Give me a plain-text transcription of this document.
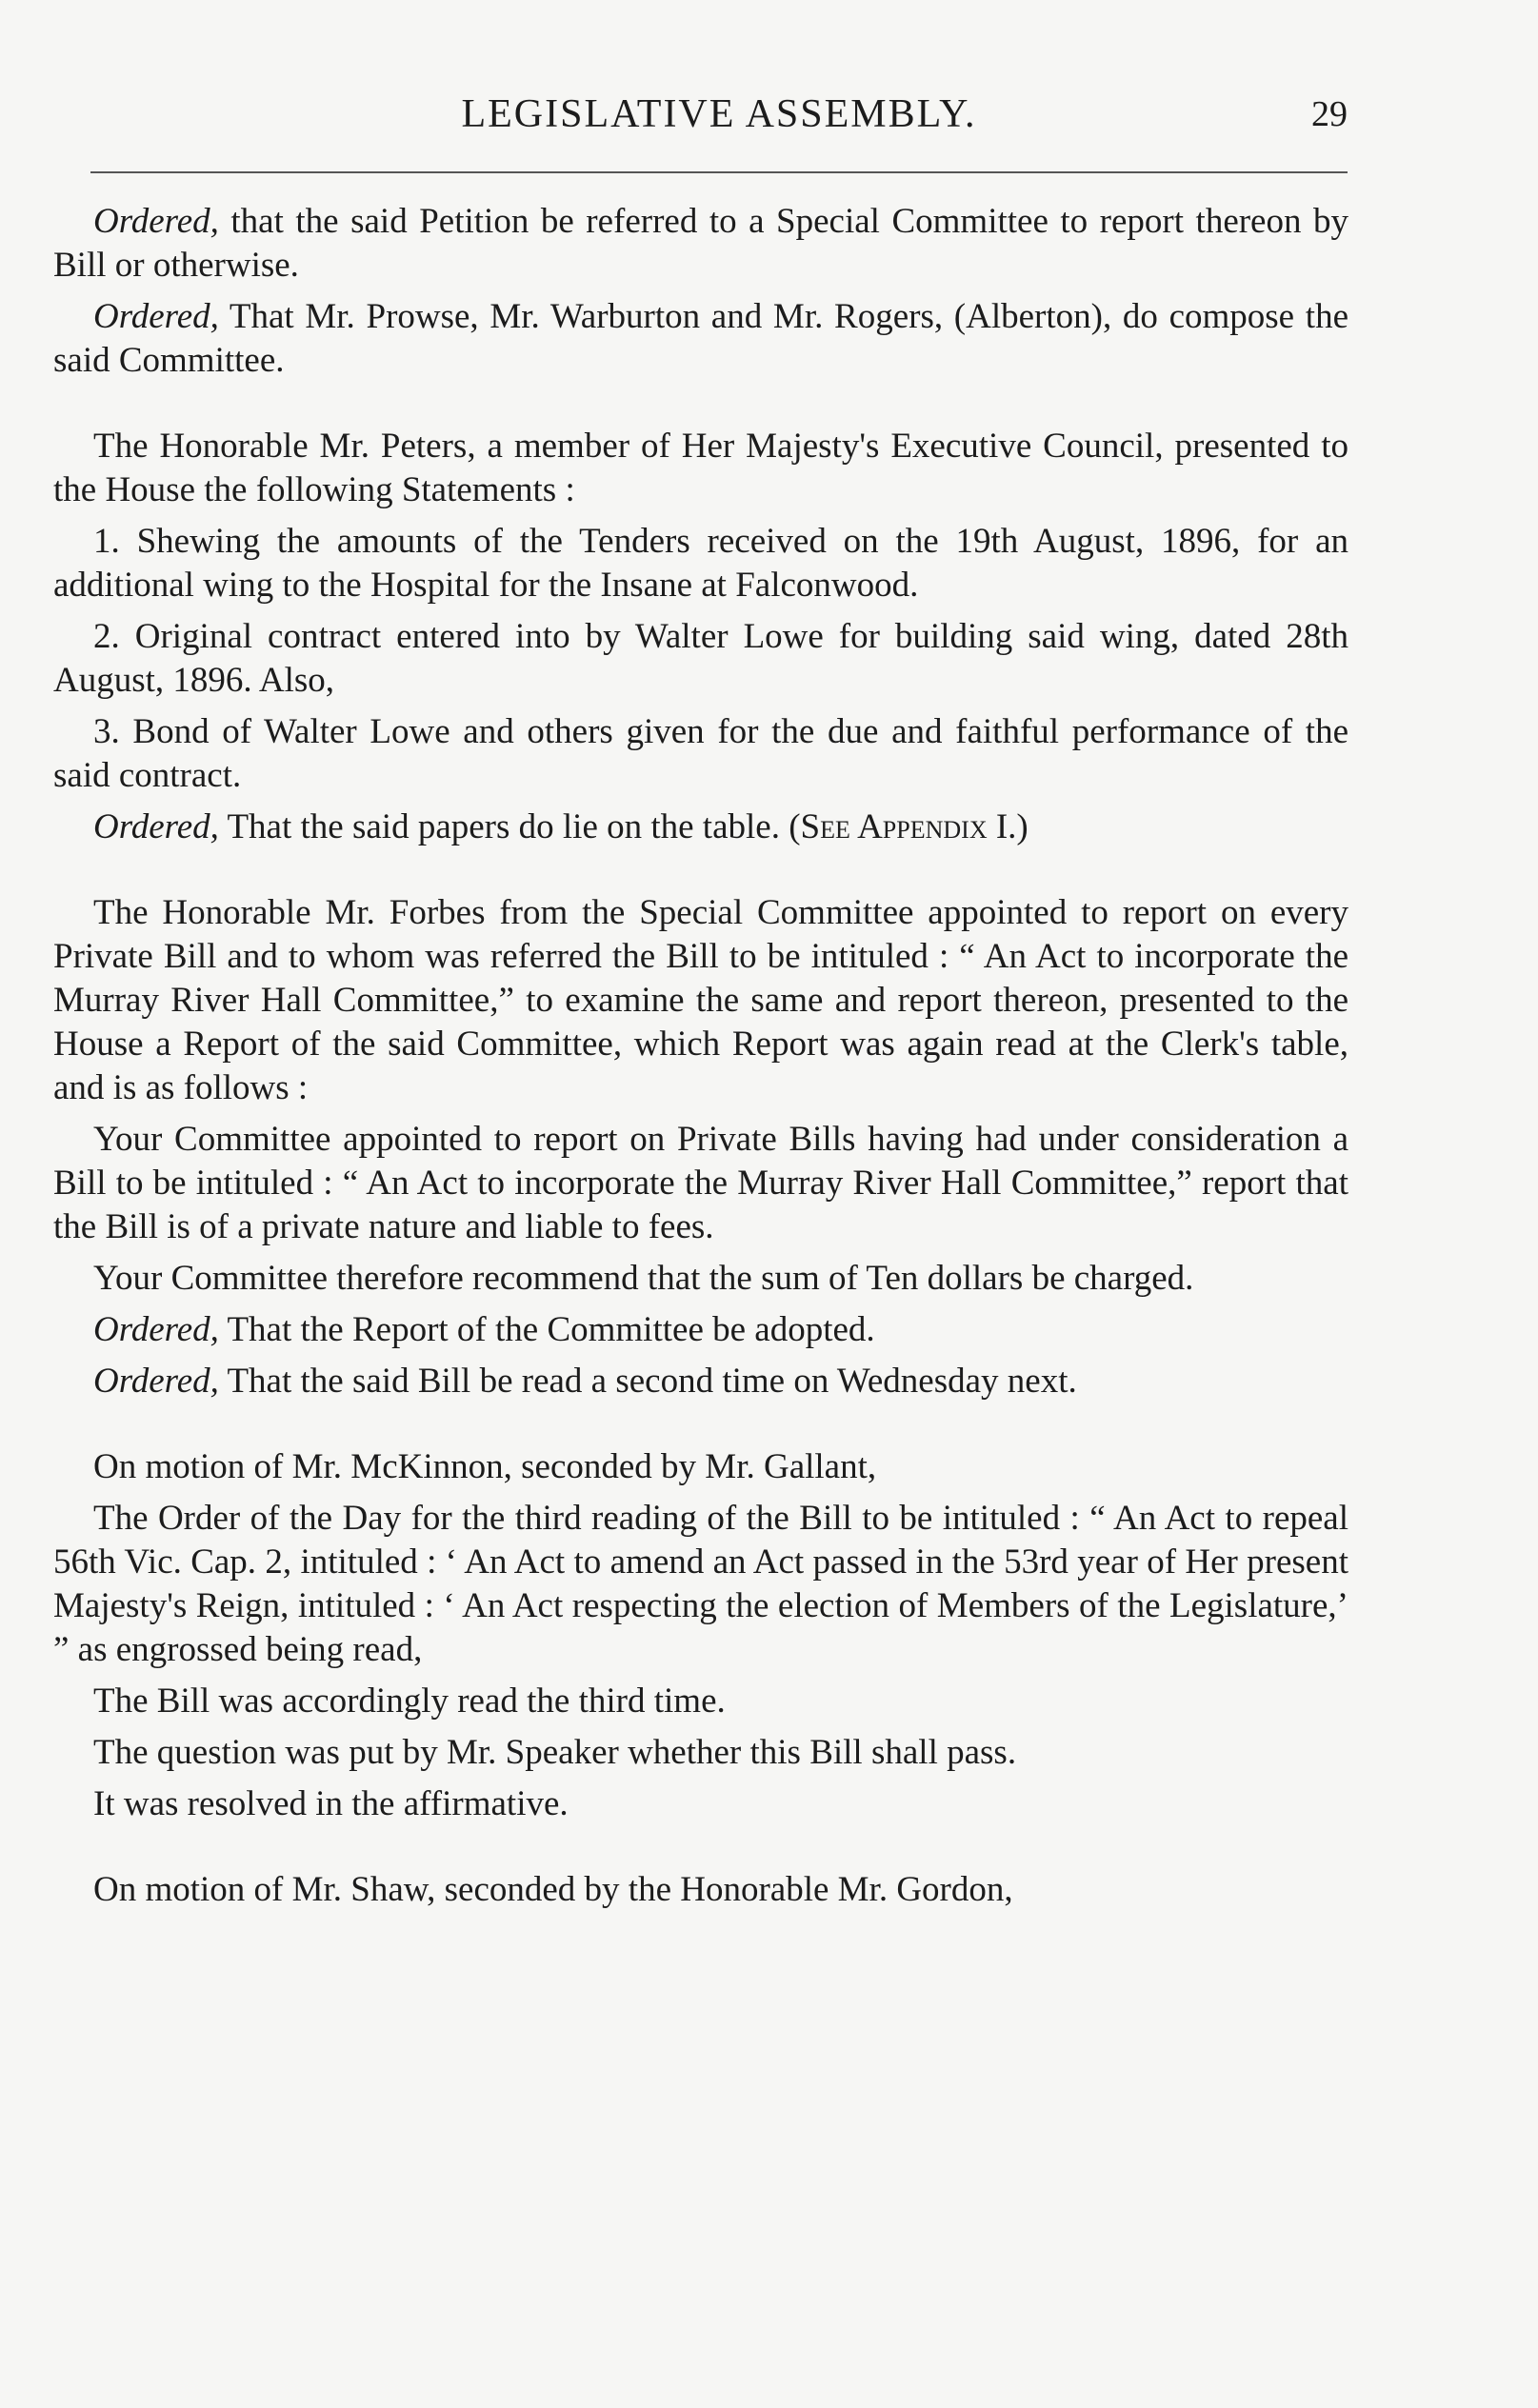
LEGISLATIVE ASSEMBLY.	29

Ordered, that the said Petition be referred to a Special Committee to report thereon by Bill or otherwise.

Ordered, That Mr. Prowse, Mr. Warburton and Mr. Rogers, (Alberton), do compose the said Committee.

The Honorable Mr. Peters, a member of Her Majesty's Executive Council, presented to the House the following Statements :

1. Shewing the amounts of the Tenders received on the 19th August, 1896, for an additional wing to the Hospital for the Insane at Falconwood.

2. Original contract entered into by Walter Lowe for building said wing, dated 28th August, 1896. Also,

3. Bond of Walter Lowe and others given for the due and faithful performance of the said contract.

Ordered, That the said papers do lie on the table. (See Appendix I.)

The Honorable Mr. Forbes from the Special Committee appointed to report on every Private Bill and to whom was referred the Bill to be intituled : “ An Act to incorporate the Murray River Hall Committee,” to examine the same and report thereon, presented to the House a Report of the said Committee, which Report was again read at the Clerk's table, and is as follows :

Your Committee appointed to report on Private Bills having had under consideration a Bill to be intituled : “ An Act to incorporate the Murray River Hall Committee,” report that the Bill is of a private nature and liable to fees.

Your Committee therefore recommend that the sum of Ten dollars be charged.

Ordered, That the Report of the Committee be adopted.

Ordered, That the said Bill be read a second time on Wednesday next.

On motion of Mr. McKinnon, seconded by Mr. Gallant,

The Order of the Day for the third reading of the Bill to be intituled : “ An Act to repeal 56th Vic. Cap. 2, intituled : ‘ An Act to amend an Act passed in the 53rd year of Her present Majesty's Reign, intituled : ‘ An Act respecting the election of Members of the Legislature,’ ” as engrossed being read,

The Bill was accordingly read the third time.

The question was put by Mr. Speaker whether this Bill shall pass.

It was resolved in the affirmative.

On motion of Mr. Shaw, seconded by the Honorable Mr. Gordon,
